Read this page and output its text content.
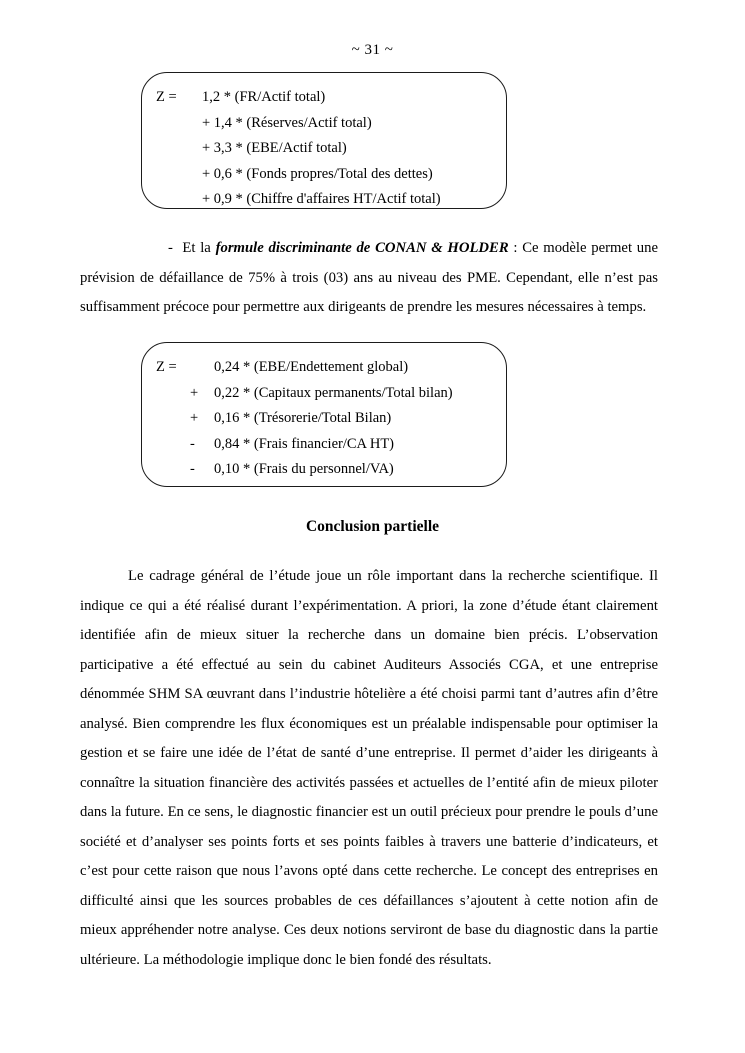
~ 31 ~
Z =	1,2 * (FR/Actif total)
+ 1,4 * (Réserves/Actif total)
+ 3,3 * (EBE/Actif total)
+ 0,6 * (Fonds propres/Total des dettes)
+ 0,9 * (Chiffre d'affaires HT/Actif total)
- Et la formule discriminante de CONAN & HOLDER : Ce modèle permet une prévision de défaillance de 75% à trois (03) ans au niveau des PME. Cependant, elle n’est pas suffisamment précoce pour permettre aux dirigeants de prendre les mesures nécessaires à temps.
Z =	0,24 * (EBE/Endettement global)
+	0,22 * (Capitaux permanents/Total bilan)
+	0,16 * (Trésorerie/Total Bilan)
-	0,84 * (Frais financier/CA HT)
-	0,10 * (Frais du personnel/VA)
Conclusion partielle
Le cadrage général de l’étude joue un rôle important dans la recherche scientifique. Il indique ce qui a été réalisé durant l’expérimentation. A priori, la zone d’étude étant clairement identifiée afin de mieux situer la recherche dans un domaine bien précis. L’observation participative a été effectué au sein du cabinet Auditeurs Associés CGA, et une entreprise dénommée SHM SA œuvrant dans l’industrie hôtelière a été choisi parmi tant d’autres afin d’être analysé. Bien comprendre les flux économiques est un préalable indispensable pour optimiser la gestion et se faire une idée de l’état de santé d’une entreprise. Il permet d’aider les dirigeants à connaître la situation financière des activités passées et actuelles de l’entité afin de mieux piloter dans la future. En ce sens, le diagnostic financier est un outil précieux pour prendre le pouls d’une société et d’analyser ses points forts et ses points faibles à travers une batterie d’indicateurs, et c’est pour cette raison que nous l’avons opté dans cette recherche. Le concept des entreprises en difficulté ainsi que les sources probables de ces défaillances s’ajoutent à cette notion afin de mieux appréhender notre analyse. Ces deux notions serviront de base du diagnostic dans la partie ultérieure. La méthodologie implique donc le bien fondé des résultats.
